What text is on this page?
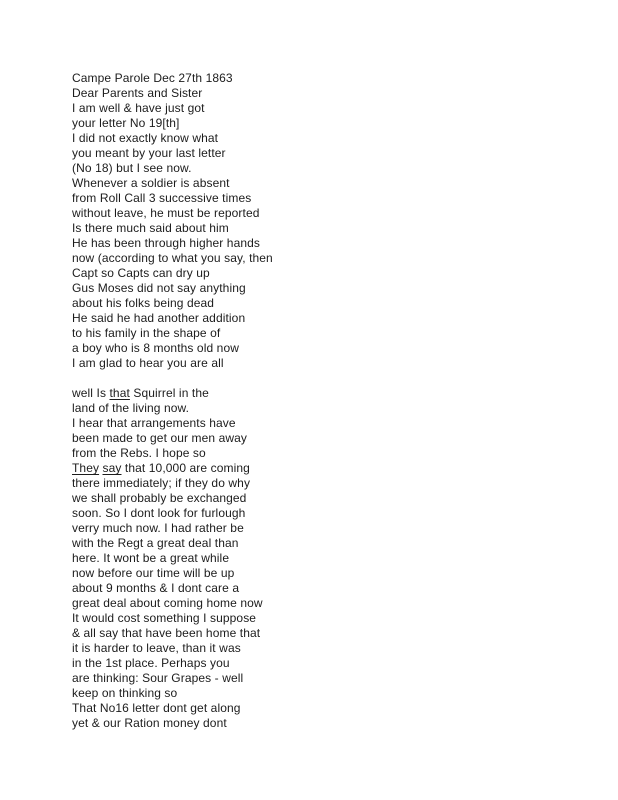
Campe Parole Dec 27th 1863
Dear Parents and Sister
I am well & have just got
your letter No 19[th]
I did not exactly know what
you meant by your last letter
(No 18) but I see now.
Whenever a soldier is absent
from Roll Call 3 successive times
without leave, he must be reported
Is there much said about him
He has been through higher hands
now (according to what you say, then
Capt so Capts can dry up
Gus Moses did not say anything
about his folks being dead
He said he had another addition
to his family in the shape of
a boy who is 8 months old now
I am glad to hear you are all
well Is that Squirrel in the
land of the living now.
I hear that arrangements have
been made to get our men away
from the Rebs. I hope so
They say that 10,000 are coming
there immediately; if they do why
we shall probably be exchanged
soon. So I dont look for furlough
verry much now. I had rather be
with the Regt a great deal than
here. It wont be a great while
now before our time will be up
about 9 months & I dont care a
great deal about coming home now
It would cost something I suppose
& all say that have been home that
it is harder to leave, than it was
in the 1st place. Perhaps you
are thinking: Sour Grapes - well
keep on thinking so
That No16 letter dont get along
yet & our Ration money dont
